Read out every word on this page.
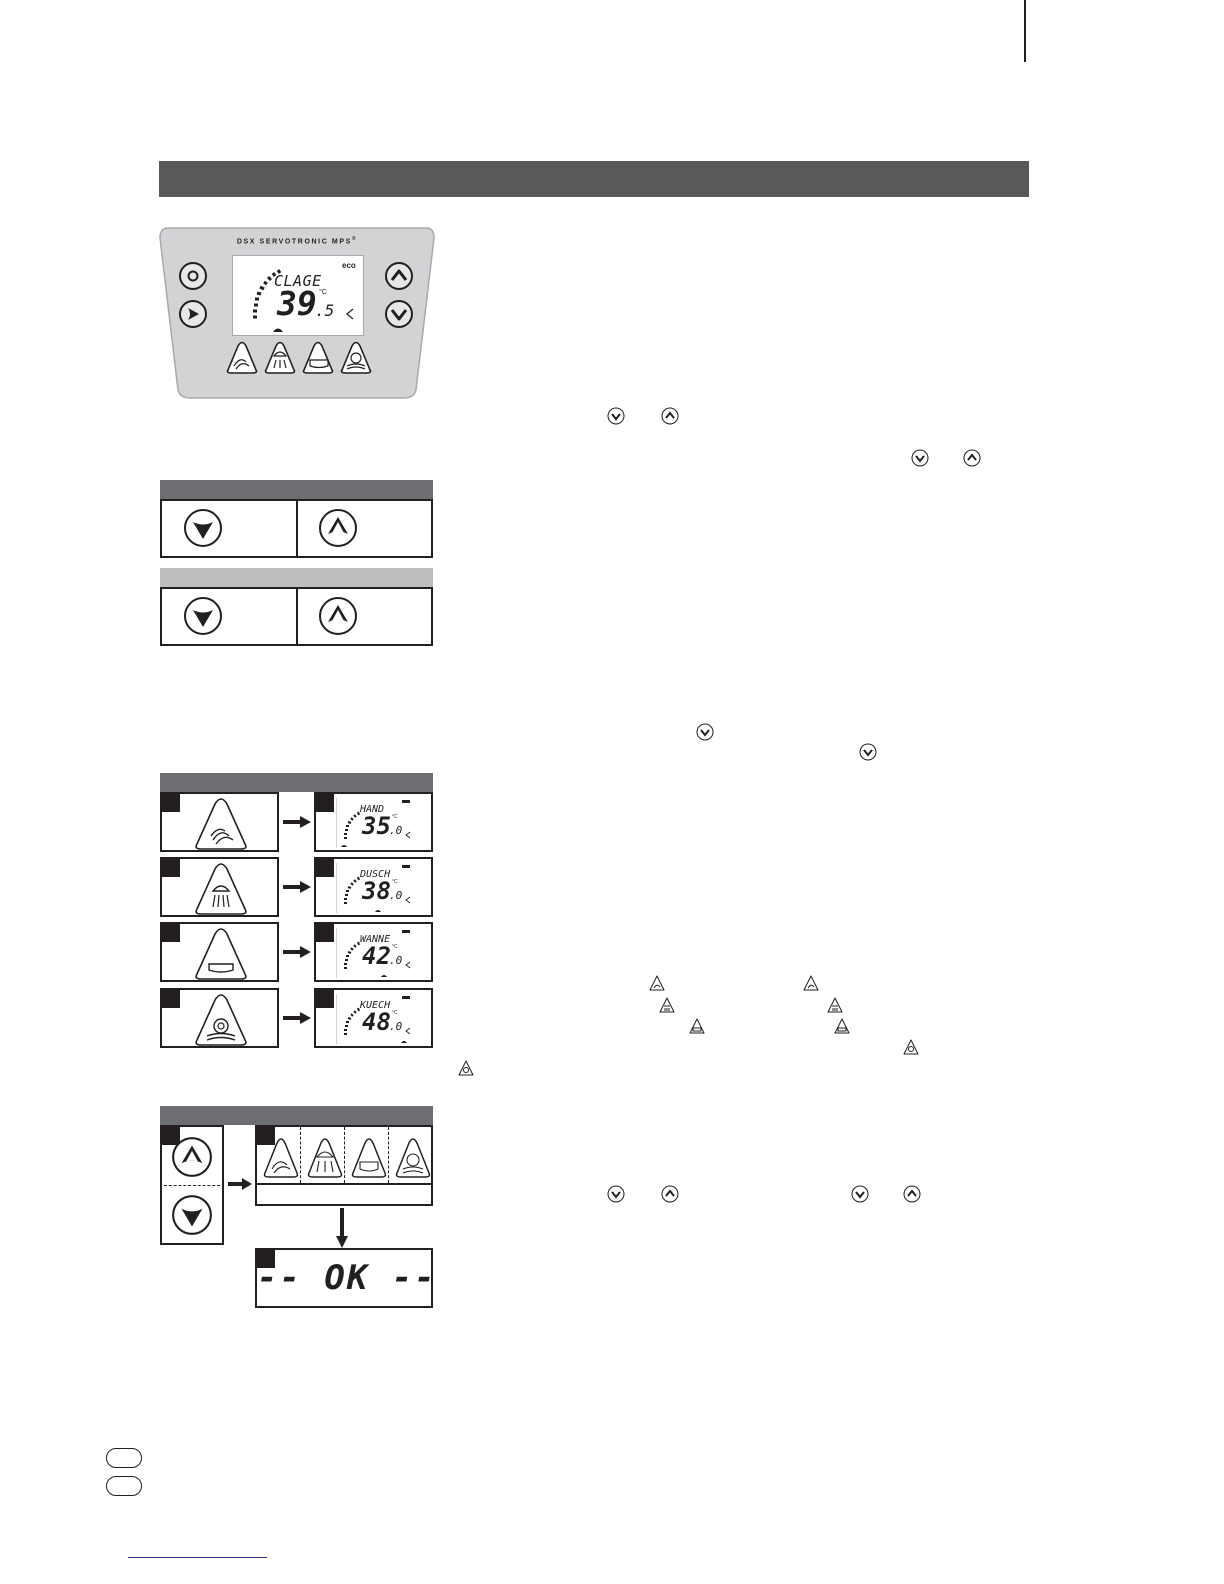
DSX SERVOTRONIC MPS®
CLAGE
39
.5
°C
eco
HAND
35
.0
°C
DUSCH
38
.0
°C
WANNE
42
.0
°C
KUECH
48
.0
°C
-- OK --
